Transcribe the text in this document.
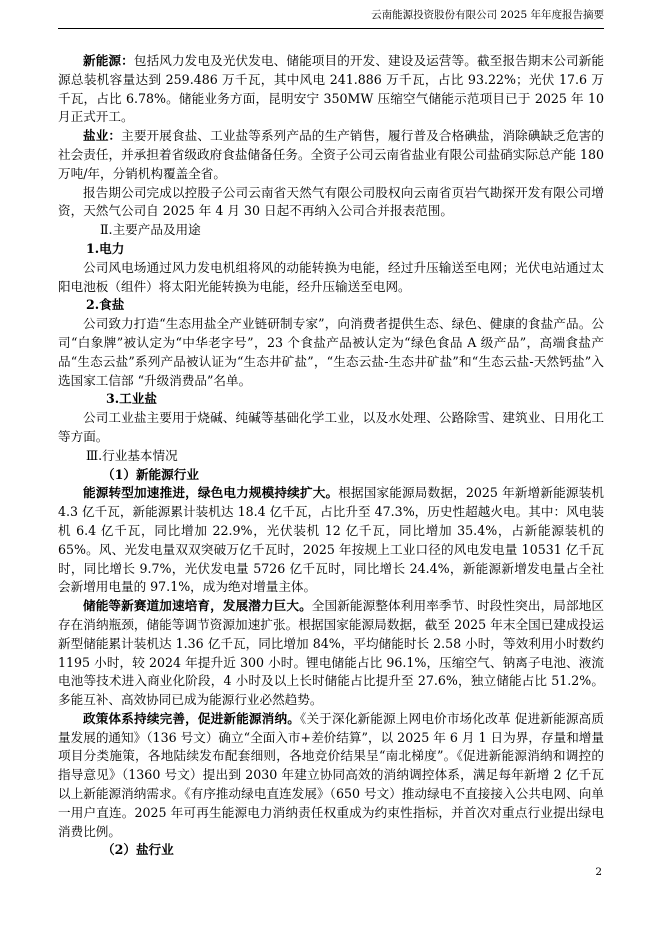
云南能源投资股份有限公司 2025 年年度报告摘要

新能源：包括风力发电及光伏发电、储能项目的开发、建设及运营等。截至报告期末公司新能源总装机容量达到 259.486 万千瓦，其中风电 241.886 万千瓦，占比 93.22%；光伏 17.6 万千瓦，占比 6.78%。储能业务方面，昆明安宁 350MW 压缩空气储能示范项目已于 2025 年 10 月正式开工。

盐业：主要开展食盐、工业盐等系列产品的生产销售，履行普及合格碘盐，消除碘缺乏危害的社会责任，并承担着省级政府食盐储备任务。全资子公司云南省盐业有限公司盐硝实际总产能 180 万吨/年，分销机构覆盖全省。

报告期公司完成以控股子公司云南省天然气有限公司股权向云南省页岩气勘探开发有限公司增资，天然气公司自 2025 年 4 月 30 日起不再纳入公司合并报表范围。

Ⅱ.主要产品及用途

1.电力

公司风电场通过风力发电机组将风的动能转换为电能，经过升压输送至电网；光伏电站通过太阳电池板（组件）将太阳光能转换为电能，经升压输送至电网。

2.食盐

公司致力打造“生态用盐全产业链研制专家”，向消费者提供生态、绿色、健康的食盐产品。公司“白象牌”被认定为“中华老字号”，23 个食盐产品被认定为“绿色食品 A 级产品”，高端食盐产品“生态云盐”系列产品被认证为“生态井矿盐”，“生态云盐-生态井矿盐”和“生态云盐-天然钙盐”入选国家工信部 “升级消费品”名单。

3.工业盐

公司工业盐主要用于烧碱、纯碱等基础化学工业，以及水处理、公路除雪、建筑业、日用化工等方面。

Ⅲ.行业基本情况

（1）新能源行业

能源转型加速推进，绿色电力规模持续扩大。根据国家能源局数据，2025 年新增新能源装机 4.3 亿千瓦，新能源累计装机达 18.4 亿千瓦，占比升至 47.3%，历史性超越火电。其中：风电装机 6.4 亿千瓦，同比增加 22.9%，光伏装机 12 亿千瓦，同比增加 35.4%，占新能源装机的 65%。风、光发电量双双突破万亿千瓦时，2025 年按规上工业口径的风电发电量 10531 亿千瓦时，同比增长 9.7%，光伏发电量 5726 亿千瓦时，同比增长 24.4%，新能源新增发电量占全社会新增用电量的 97.1%，成为绝对增量主体。

储能等新赛道加速培育，发展潜力巨大。全国新能源整体利用率季节、时段性突出，局部地区存在消纳瓶颈，储能等调节资源加速扩张。根据国家能源局数据，截至 2025 年末全国已建成投运新型储能累计装机达 1.36 亿千瓦，同比增加 84%，平均储能时长 2.58 小时，等效利用小时数约 1195 小时，较 2024 年提升近 300 小时。锂电储能占比 96.1%，压缩空气、钠离子电池、液流电池等技术进入商业化阶段，4 小时及以上长时储能占比提升至 27.6%，独立储能占比 51.2%。多能互补、高效协同已成为能源行业必然趋势。

政策体系持续完善，促进新能源消纳。《关于深化新能源上网电价市场化改革 促进新能源高质量发展的通知》（136 号文）确立“全面入市+差价结算”，以 2025 年 6 月 1 日为界，存量和增量项目分类施策，各地陆续发布配套细则，各地竞价结果呈“南北梯度”。《促进新能源消纳和调控的指导意见》（1360 号文）提出到 2030 年建立协同高效的消纳调控体系，满足每年新增 2 亿千瓦以上新能源消纳需求。《有序推动绿电直连发展》（650 号文）推动绿电不直接接入公共电网、向单一用户直连。2025 年可再生能源电力消纳责任权重成为约束性指标，并首次对重点行业提出绿电消费比例。

（2）盐行业

2
